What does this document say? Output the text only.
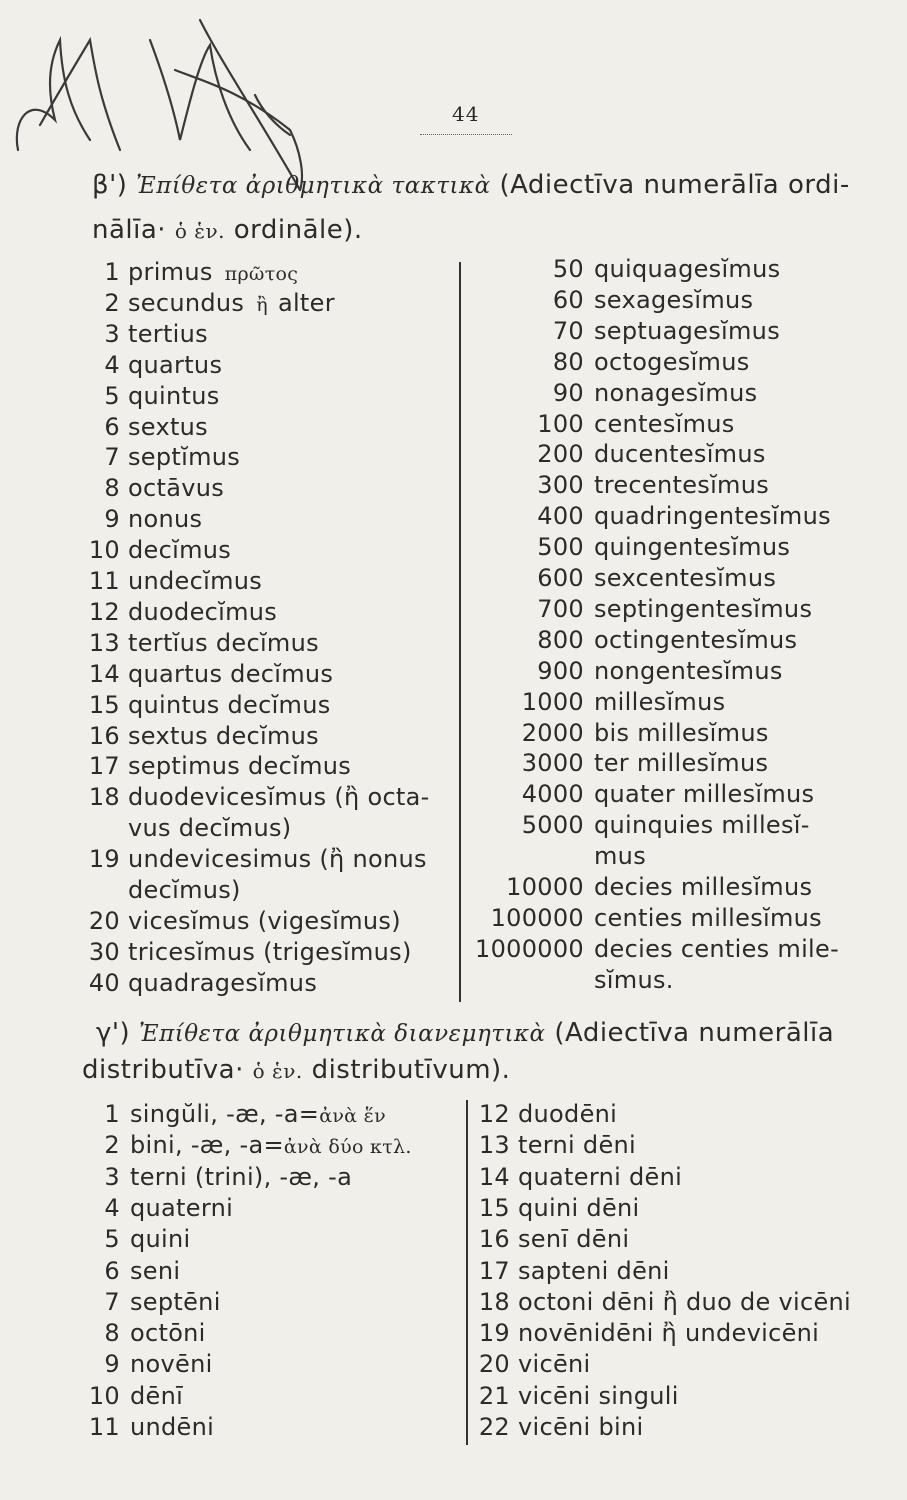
44
β') Ἐπίθετα ἀριθμητικὰ τακτικὰ (Adiectīva numerālīa ordi-
nālīa· ὁ ἑν. ordināle).
1 primus πρῶτος
2 secundus ἢ alter
3 tertius
4 quartus
5 quintus
6 sextus
7 septĭmus
8 octāvus
9 nonus
10 decĭmus
11 undecĭmus
12 duodecĭmus
13 tertĭus decĭmus
14 quartus decĭmus
15 quintus decĭmus
16 sextus decĭmus
17 septimus decĭmus
18 duodevicesĭmus (ἢ octa-
vus decĭmus)
19 undevicesimus (ἢ nonus
decĭmus)
20 vicesĭmus (vigesĭmus)
30 tricesĭmus (trigesĭmus)
40 quadragesĭmus
50 quiquagesĭmus
60 sexagesĭmus
70 septuagesĭmus
80 octogesĭmus
90 nonagesĭmus
100 centesĭmus
200 ducentesĭmus
300 trecentesĭmus
400 quadringentesĭmus
500 quingentesĭmus
600 sexcentesĭmus
700 septingentesĭmus
800 octingentesĭmus
900 nongentesĭmus
1000 millesĭmus
2000 bis millesĭmus
3000 ter millesĭmus
4000 quater millesĭmus
5000 quinquies millesĭ-
mus
10000 decies millesĭmus
100000 centies millesĭmus
1000000 decies centies mile-
sĭmus.
γ') Ἐπίθετα ἀριθμητικὰ διανεμητικὰ (Adiectīva numerālīa
distributīva· ὁ ἑν. distributīvum).
1 singŭli, -æ, -a=ἀνὰ ἕν
2 bini, -æ, -a=ἀνὰ δύο κτλ.
3 terni (trini), -æ, -a
4 quaterni
5 quini
6 seni
7 septēni
8 octōni
9 novēni
10 dēnī
11 undēni
12 duodēni
13 terni dēni
14 quaterni dēni
15 quini dēni
16 senī dēni
17 sapteni dēni
18 octoni dēni ἢ duo de vicēni
19 novēnidēni ἢ undevicēni
20 vicēni
21 vicēni singuli
22 vicēni bini
